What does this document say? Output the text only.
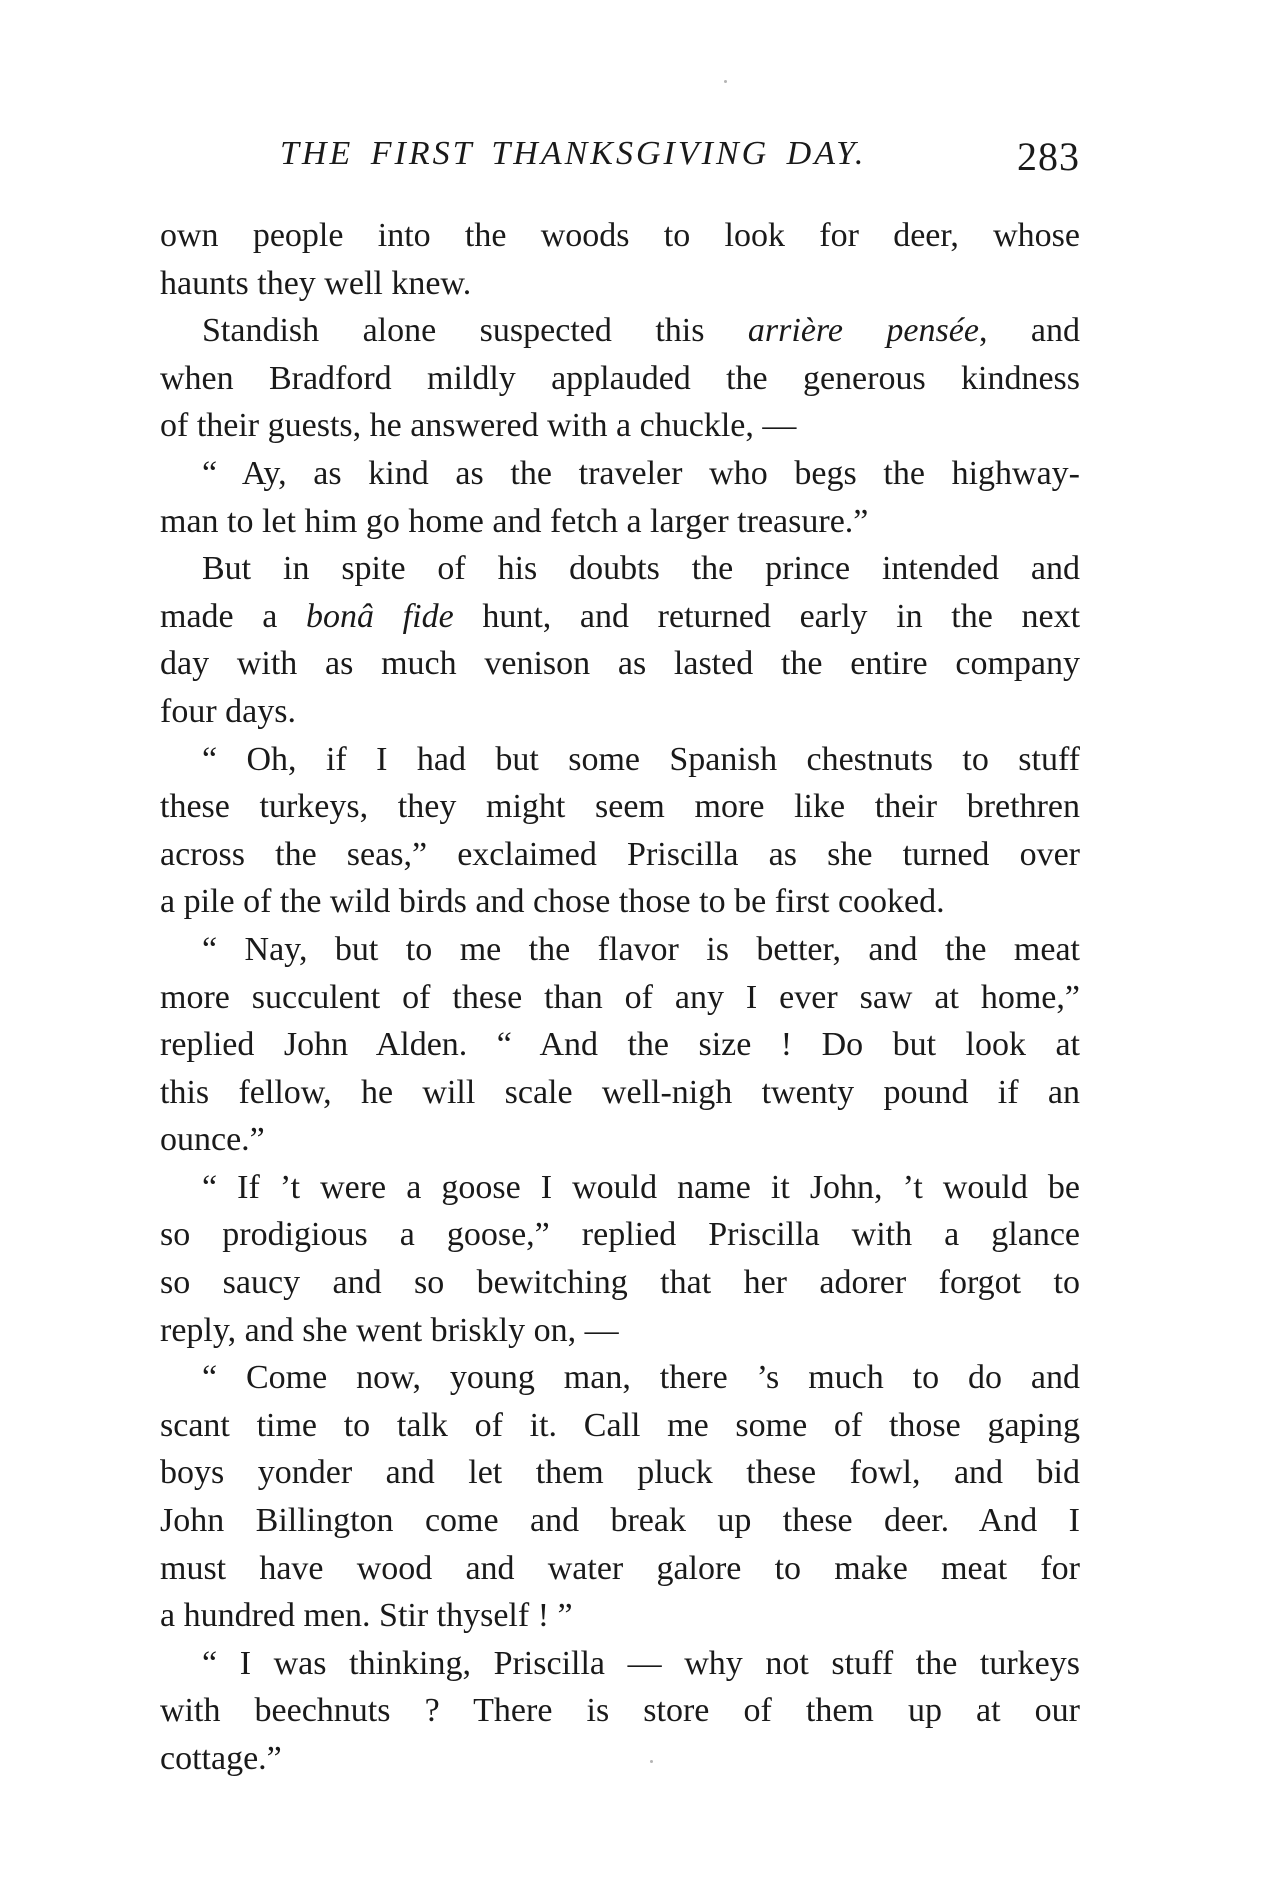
THE FIRST THANKSGIVING DAY.	283
own people into the woods to look for deer, whose
haunts they well knew.
Standish alone suspected this arrière pensée, and
when Bradford mildly applauded the generous kindness
of their guests, he answered with a chuckle, —
“ Ay, as kind as the traveler who begs the highway-
man to let him go home and fetch a larger treasure.”
But in spite of his doubts the prince intended and
made a bonâ fide hunt, and returned early in the next
day with as much venison as lasted the entire company
four days.
“ Oh, if I had but some Spanish chestnuts to stuff
these turkeys, they might seem more like their brethren
across the seas,” exclaimed Priscilla as she turned over
a pile of the wild birds and chose those to be first cooked.
“ Nay, but to me the flavor is better, and the meat
more succulent of these than of any I ever saw at home,”
replied John Alden. “ And the size ! Do but look at
this fellow, he will scale well-nigh twenty pound if an
ounce.”
“ If ’t were a goose I would name it John, ’t would be
so prodigious a goose,” replied Priscilla with a glance
so saucy and so bewitching that her adorer forgot to
reply, and she went briskly on, —
“ Come now, young man, there ’s much to do and
scant time to talk of it. Call me some of those gaping
boys yonder and let them pluck these fowl, and bid
John Billington come and break up these deer. And I
must have wood and water galore to make meat for
a hundred men. Stir thyself ! ”
“ I was thinking, Priscilla — why not stuff the turkeys
with beechnuts ? There is store of them up at our
cottage.”
